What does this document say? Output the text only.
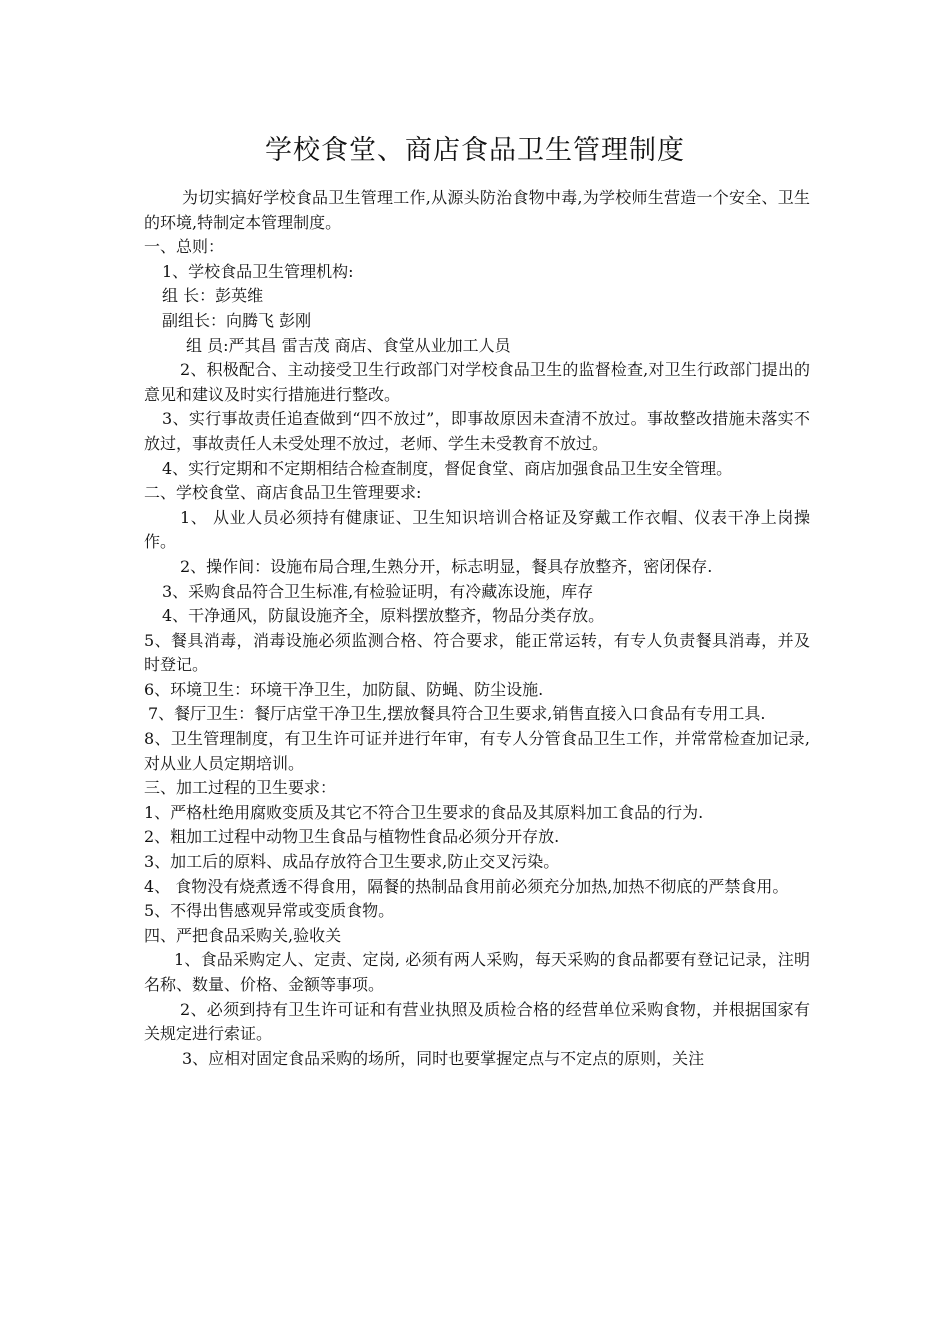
学校食堂、商店食品卫生管理制度

为切实搞好学校食品卫生管理工作,从源头防治食物中毒,为学校师生营造一个安全、卫生的环境,特制定本管理制度。

一、总则：

1、学校食品卫生管理机构:

组 长：彭英维

副组长：向腾飞 彭刚

组 员:严其昌 雷吉茂 商店、食堂从业加工人员

2、积极配合、主动接受卫生行政部门对学校食品卫生的监督检查,对卫生行政部门提出的意见和建议及时实行措施进行整改。

3、实行事故责任追查做到“四不放过”，即事故原因未查清不放过。事故整改措施未落实不放过，事故责任人未受处理不放过，老师、学生未受教育不放过。

4、实行定期和不定期相结合检查制度，督促食堂、商店加强食品卫生安全管理。

二、学校食堂、商店食品卫生管理要求:

1、 从业人员必须持有健康证、卫生知识培训合格证及穿戴工作衣帽、仪表干净上岗操作。

2、操作间：设施布局合理,生熟分开，标志明显，餐具存放整齐，密闭保存.

3、采购食品符合卫生标准,有检验证明，有冷藏冻设施，库存

4、干净通风，防鼠设施齐全，原料摆放整齐，物品分类存放。

5、餐具消毒，消毒设施必须监测合格、符合要求，能正常运转，有专人负责餐具消毒，并及时登记。

6、环境卫生：环境干净卫生，加防鼠、防蝇、防尘设施.

7、餐厅卫生：餐厅店堂干净卫生,摆放餐具符合卫生要求,销售直接入口食品有专用工具.

8、卫生管理制度，有卫生许可证并进行年审，有专人分管食品卫生工作，并常常检查加记录,对从业人员定期培训。

三、加工过程的卫生要求：

1、严格杜绝用腐败变质及其它不符合卫生要求的食品及其原料加工食品的行为.

2、粗加工过程中动物卫生食品与植物性食品必须分开存放.

3、加工后的原料、成品存放符合卫生要求,防止交叉污染。

4、 食物没有烧煮透不得食用，隔餐的热制品食用前必须充分加热,加热不彻底的严禁食用。

5、不得出售感观异常或变质食物。

四、严把食品采购关,验收关

1、食品采购定人、定责、定岗, 必须有两人采购，每天采购的食品都要有登记记录，注明名称、数量、价格、金额等事项。

2、必须到持有卫生许可证和有营业执照及质检合格的经营单位采购食物，并根据国家有关规定进行索证。

3、应相对固定食品采购的场所，同时也要掌握定点与不定点的原则，关注
